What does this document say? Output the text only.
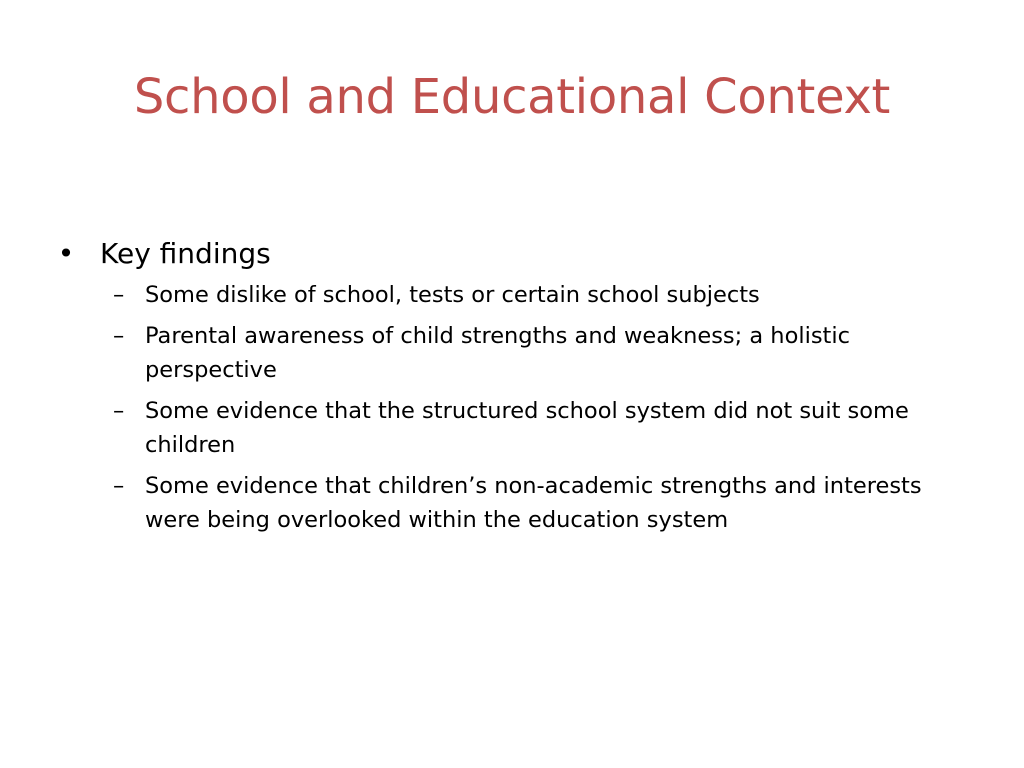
School and Educational Context
• Key findings
– Some dislike of school, tests or certain school subjects
– Parental awareness of child strengths and weakness; a holistic perspective
– Some evidence that the structured school system did not suit some children
– Some evidence that children’s non-academic strengths and interests were being overlooked within the education system
